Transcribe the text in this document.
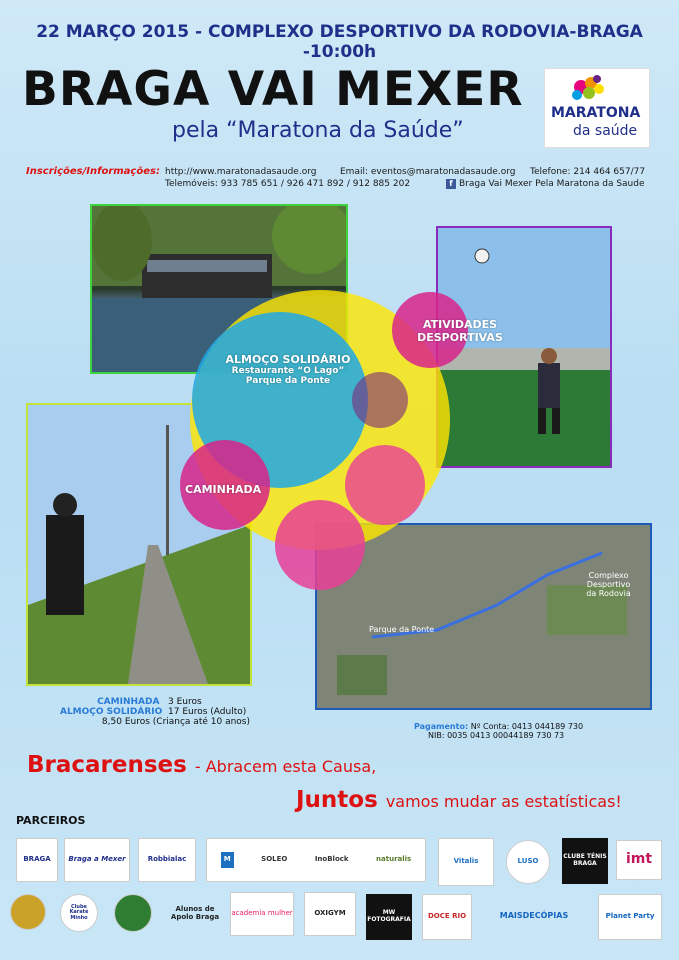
22 MARÇO 2015 - COMPLEXO DESPORTIVO DA RODOVIA-BRAGA -10:00h
BRAGA VAI MEXER
pela “Maratona da Saúde”
MARATONA
da saúde
Inscrições/Informações: http://www.maratonadasaude.org	Email: eventos@maratonadasaude.org Telefone: 214 464 657/77
Telemóveis: 933 785 651 / 926 471 892 / 912 885 202	f Braga Vai Mexer Pela Maratona da Saude
Complexo Desportivo
da Rodovia
Parque da Ponte
ALMOÇO SOLIDÁRIO
Restaurante “O Lago”
Parque da Ponte
ATIVIDADES
DESPORTIVAS
CAMINHADA
CAMINHADA 3 Euros
ALMOÇO SOLIDÁRIO 17 Euros (Adulto)
8,50 Euros (Criança até 10 anos)	Pagamento: Nº Conta: 0413 044189 730
NIB: 0035 0413 00044189 730 73
Bracarenses - Abracem esta Causa,
Juntos vamos mudar as estatísticas!
PARCEIROS
BRAGA	Braga a Mexer	Robbialac	M	SOLEO	InoBlock	naturalis	Vitalis	LUSO
CLUBE TÉNIS BRAGA	imt
Clube Karaté Minho
Alunos de Apolo Braga academia mulher	OXIGYM	MW FOTOGRAFIA	DOCE RIO	MAISDECÓPIAS	Planet Party
